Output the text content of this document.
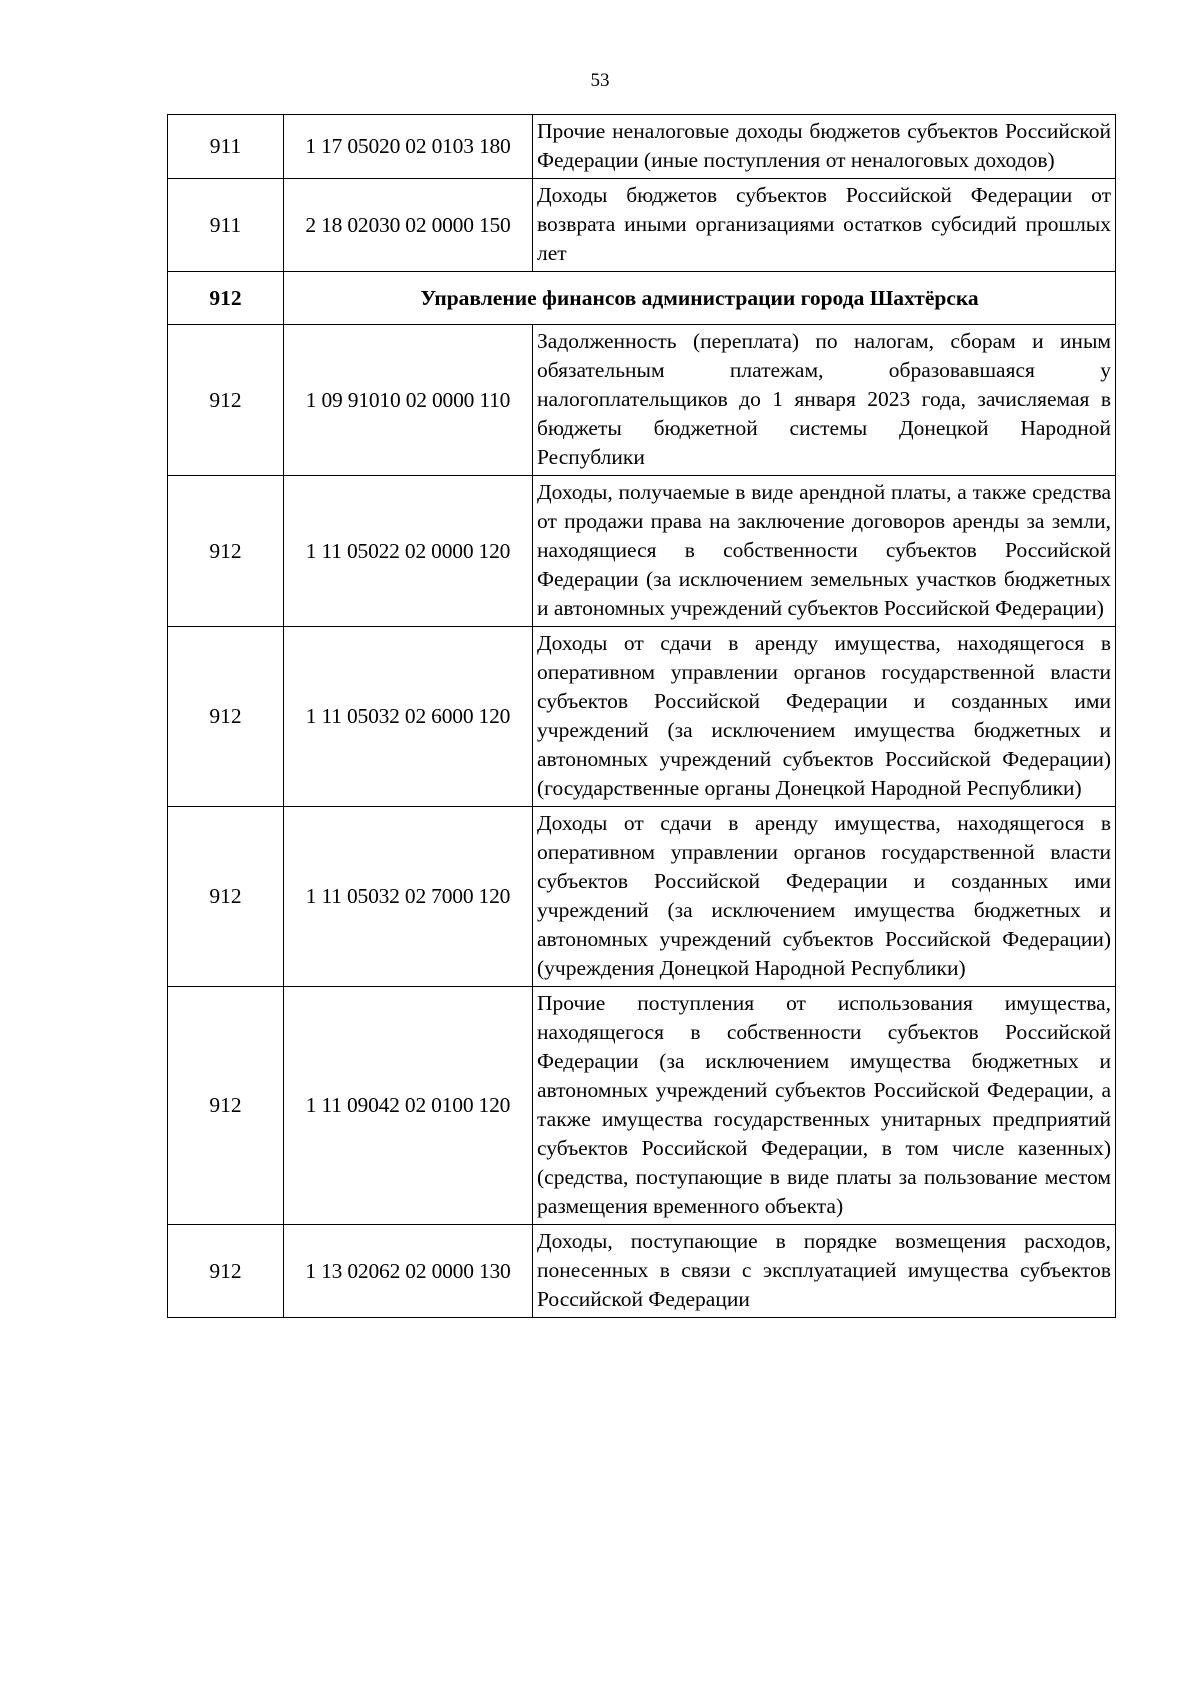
53
911	1 17 05020 02 0103 180	Прочие неналоговые доходы бюджетов субъектов Российской Федерации (иные поступления от неналоговых доходов)
911	2 18 02030 02 0000 150	Доходы бюджетов субъектов Российской Федерации от возврата иными организациями остатков субсидий прошлых лет
912	Управление финансов администрации города Шахтёрска	
912	1 09 91010 02 0000 110	Задолженность (переплата) по налогам, сборам и иным обязательным платежам, образовавшаяся у налогоплательщиков до 1 января 2023 года, зачисляемая в бюджеты бюджетной системы Донецкой Народной Республики
912	1 11 05022 02 0000 120	Доходы, получаемые в виде арендной платы, а также средства от продажи права на заключение договоров аренды за земли, находящиеся в собственности субъектов Российской Федерации (за исключением земельных участков бюджетных и автономных учреждений субъектов Российской Федерации)
912	1 11 05032 02 6000 120	Доходы от сдачи в аренду имущества, находящегося в оперативном управлении органов государственной власти субъектов Российской Федерации и созданных ими учреждений (за исключением имущества бюджетных и автономных учреждений субъектов Российской Федерации) (государственные органы Донецкой Народной Республики)
912	1 11 05032 02 7000 120	Доходы от сдачи в аренду имущества, находящегося в оперативном управлении органов государственной власти субъектов Российской Федерации и созданных ими учреждений (за исключением имущества бюджетных и автономных учреждений субъектов Российской Федерации) (учреждения Донецкой Народной Республики)
912	1 11 09042 02 0100 120	Прочие поступления от использования имущества, находящегося в собственности субъектов Российской Федерации (за исключением имущества бюджетных и автономных учреждений субъектов Российской Федерации, а также имущества государственных унитарных предприятий субъектов Российской Федерации, в том числе казенных) (средства, поступающие в виде платы за пользование местом размещения временного объекта)
912	1 13 02062 02 0000 130	Доходы, поступающие в порядке возмещения расходов, понесенных в связи с эксплуатацией имущества субъектов Российской Федерации
